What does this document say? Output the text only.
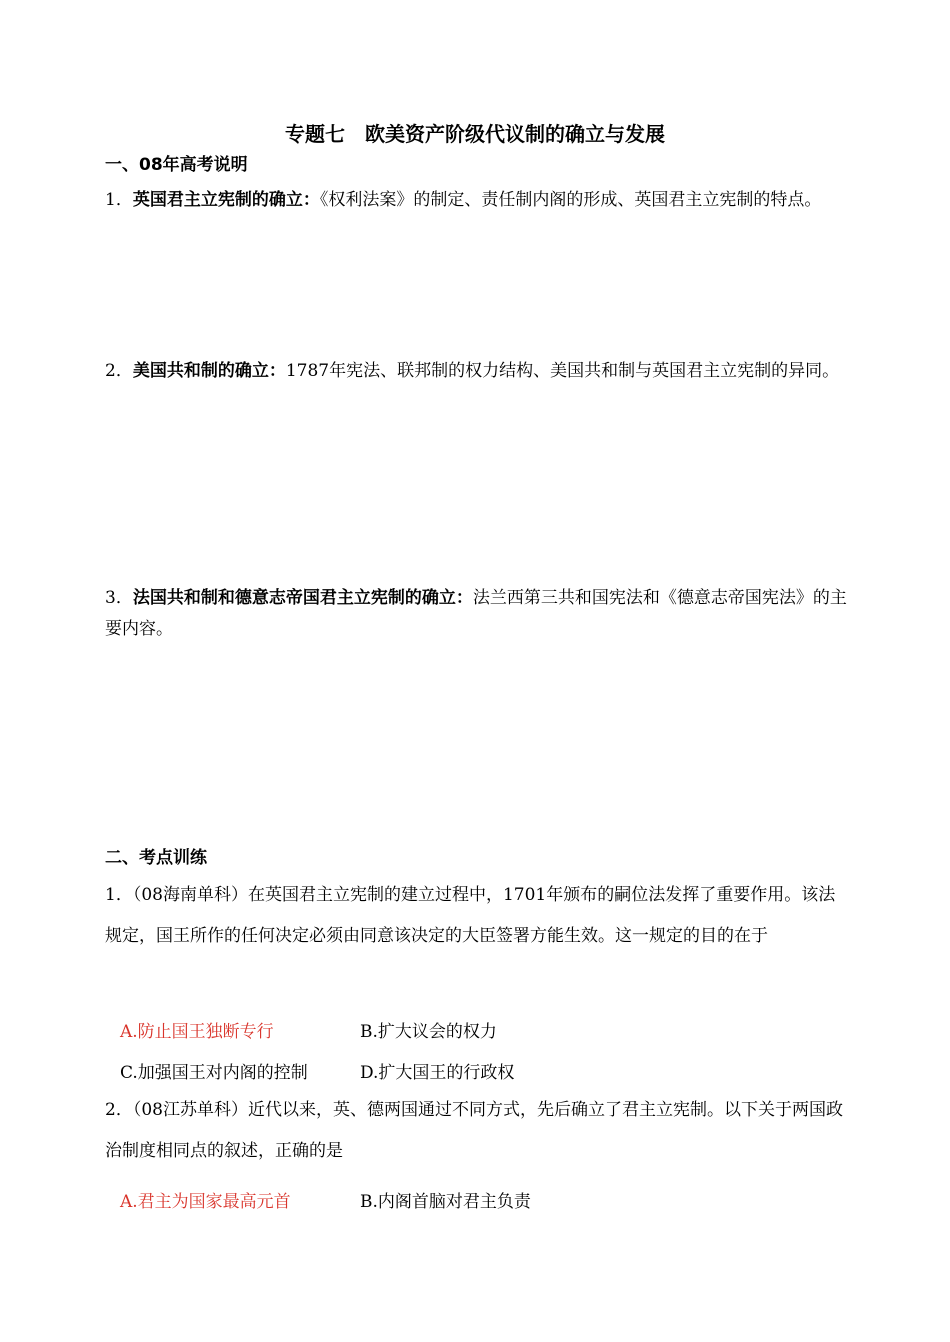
专题七　欧美资产阶级代议制的确立与发展
一、08年高考说明
1．英国君主立宪制的确立：《权利法案》的制定、责任制内阁的形成、英国君主立宪制的特点。
2．美国共和制的确立：1787年宪法、联邦制的权力结构、美国共和制与英国君主立宪制的异同。
3．法国共和制和德意志帝国君主立宪制的确立：法兰西第三共和国宪法和《德意志帝国宪法》的主要内容。
二、考点训练
1．（08海南单科）在英国君主立宪制的建立过程中，1701年颁布的嗣位法发挥了重要作用。该法规定，国王所作的任何决定必须由同意该决定的大臣签署方能生效。这一规定的目的在于
A.防止国王独断专行	B.扩大议会的权力
C.加强国王对内阁的控制	D.扩大国王的行政权
2．（08江苏单科）近代以来，英、德两国通过不同方式，先后确立了君主立宪制。以下关于两国政治制度相同点的叙述，正确的是
A.君主为国家最高元首	B.内阁首脑对君主负责
